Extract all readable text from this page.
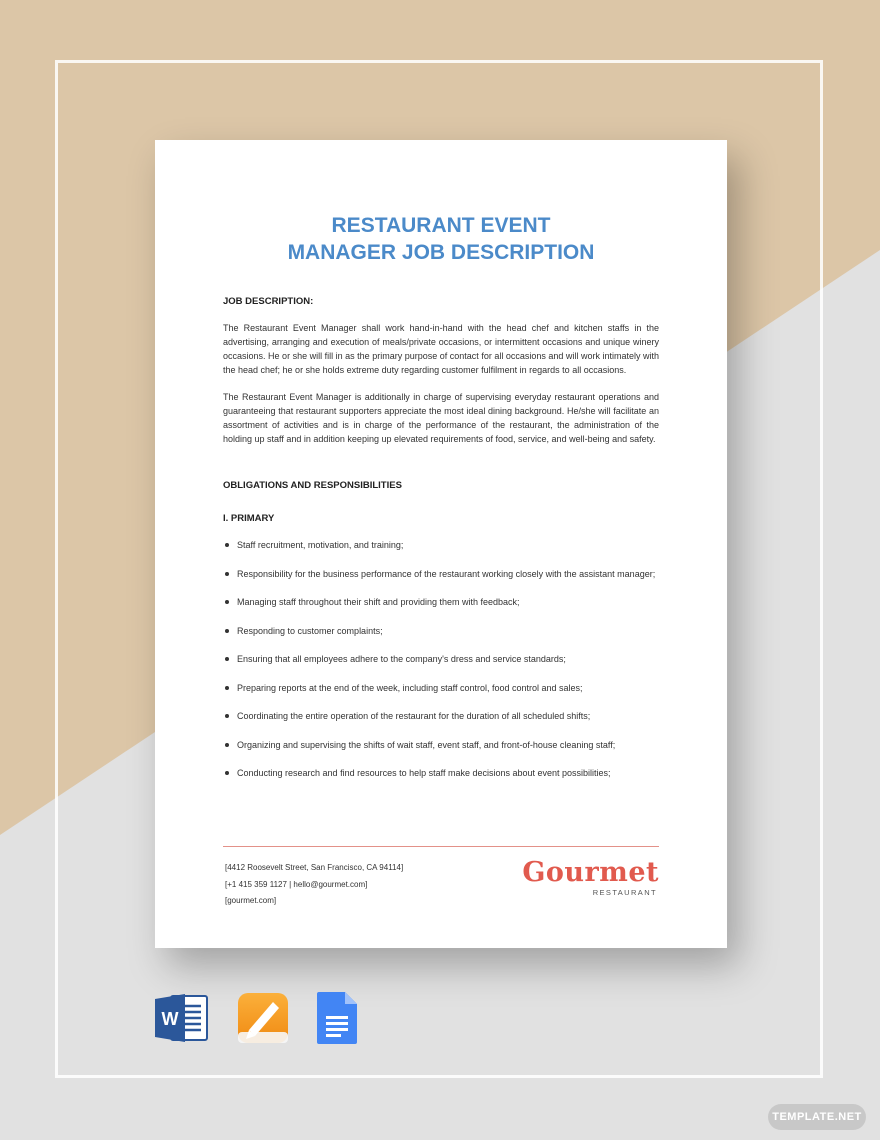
RESTAURANT EVENT
MANAGER JOB DESCRIPTION
JOB DESCRIPTION:

The Restaurant Event Manager shall work hand-in-hand with the head chef and kitchen staffs in the advertising, arranging and execution of meals/private occasions, or intermittent occasions and unique winery occasions. He or she will fill in as the primary purpose of contact for all occasions and will work intimately with the head chef; he or she holds extreme duty regarding customer fulfilment in regards to all occasions.

The Restaurant Event Manager is additionally in charge of supervising everyday restaurant operations and guaranteeing that restaurant supporters appreciate the most ideal dining background. He/she will facilitate an assortment of activities and is in charge of the performance of the restaurant, the administration of the holding up staff and in addition keeping up elevated requirements of food, service, and well-being and safety.

OBLIGATIONS AND RESPONSIBILITIES
I. PRIMARY
Staff recruitment, motivation, and training;
Responsibility for the business performance of the restaurant working closely with the assistant manager;
Managing staff throughout their shift and providing them with feedback;
Responding to customer complaints;
Ensuring that all employees adhere to the company's dress and service standards;
Preparing reports at the end of the week, including staff control, food control and sales;
Coordinating the entire operation of the restaurant for the duration of all scheduled shifts;
Organizing and supervising the shifts of wait staff, event staff, and front-of-house cleaning staff;
Conducting research and find resources to help staff make decisions about event possibilities;
[4412 Roosevelt Street, San Francisco, CA 94114]
[+1 415 359 1127 | hello@gourmet.com]
[gourmet.com]
Gourmet
RESTAURANT
W
TEMPLATE.NET
